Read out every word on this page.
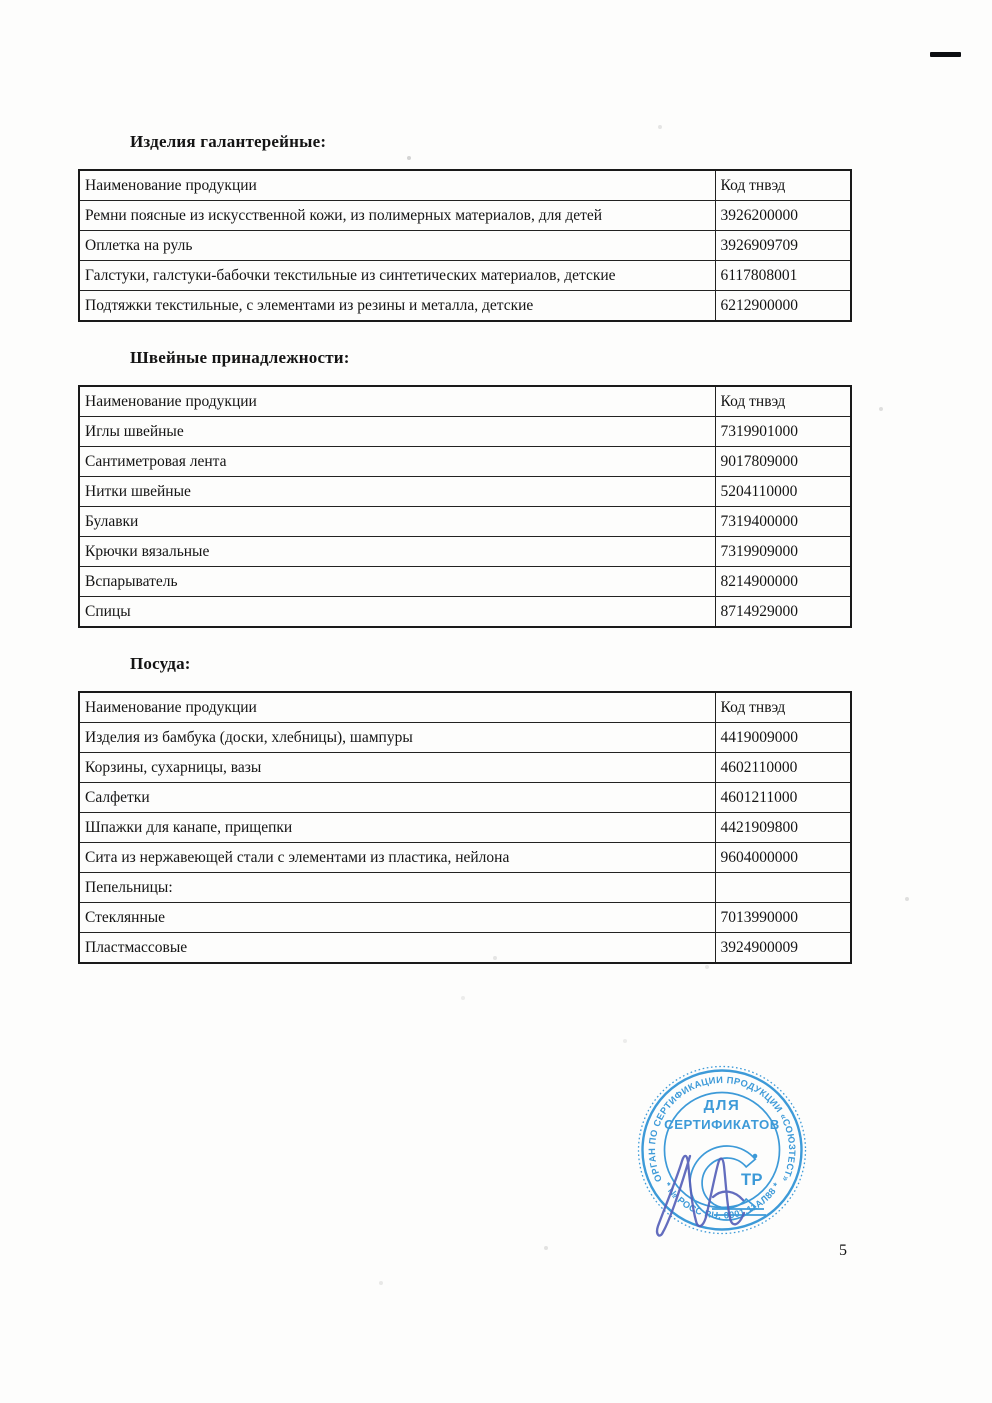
Изделия галантерейные:
Наименование продукции	Код тнвэд
Ремни поясные из искусственной кожи, из полимерных материалов, для детей	3926200000
Оплетка на руль	3926909709
Галстуки, галстуки-бабочки текстильные из синтетических материалов, детские	6117808001
Подтяжки текстильные, с элементами из резины и металла, детские	6212900000
Швейные принадлежности:
Наименование продукции	Код тнвэд
Иглы швейные	7319901000
Сантиметровая лента	9017809000
Нитки швейные	5204110000
Булавки	7319400000
Крючки вязальные	7319909000
Вспарыватель	8214900000
Спицы	8714929000
Посуда:
Наименование продукции	Код тнвэд
Изделия из бамбука (доски, хлебницы), шампуры	4419009000
Корзины, сухарницы, вазы	4602110000
Салфетки	4601211000
Шпажки для канапе, прищепки	4421909800
Сита из нержавеющей стали с элементами из пластика, нейлона	9604000000
Пепельницы:	
Стеклянные	7013990000
Пластмассовые	3924900009
ОРГАН ПО СЕРТИФИКАЦИИ ПРОДУКЦИИ «СОЮЗТЕСТ»
* № РОСС RU. 0001.11АЛ88 *
ДЛЯ
СЕРТИФИКАТОВ
ТР
5
